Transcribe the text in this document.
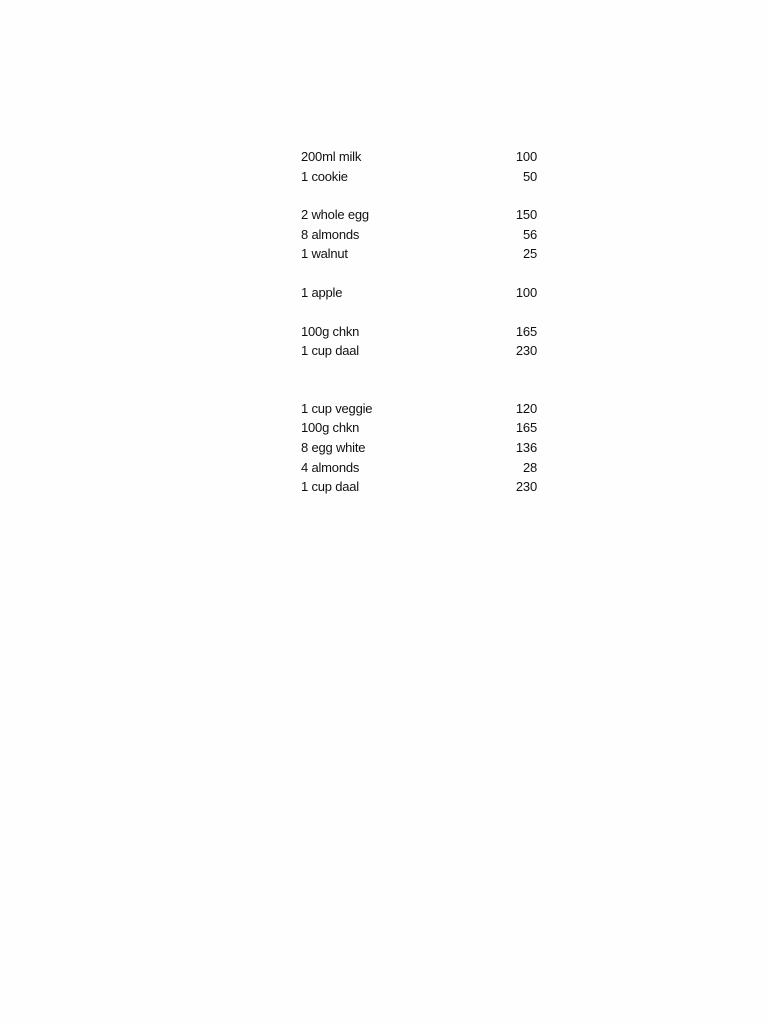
200ml milk	100
1 cookie	50
2 whole egg	150
8 almonds	56
1 walnut	25
1 apple	100
100g chkn	165
1 cup daal	230
1 cup veggie	120
100g chkn	165
8 egg white	136
4 almonds	28
1 cup daal	230
